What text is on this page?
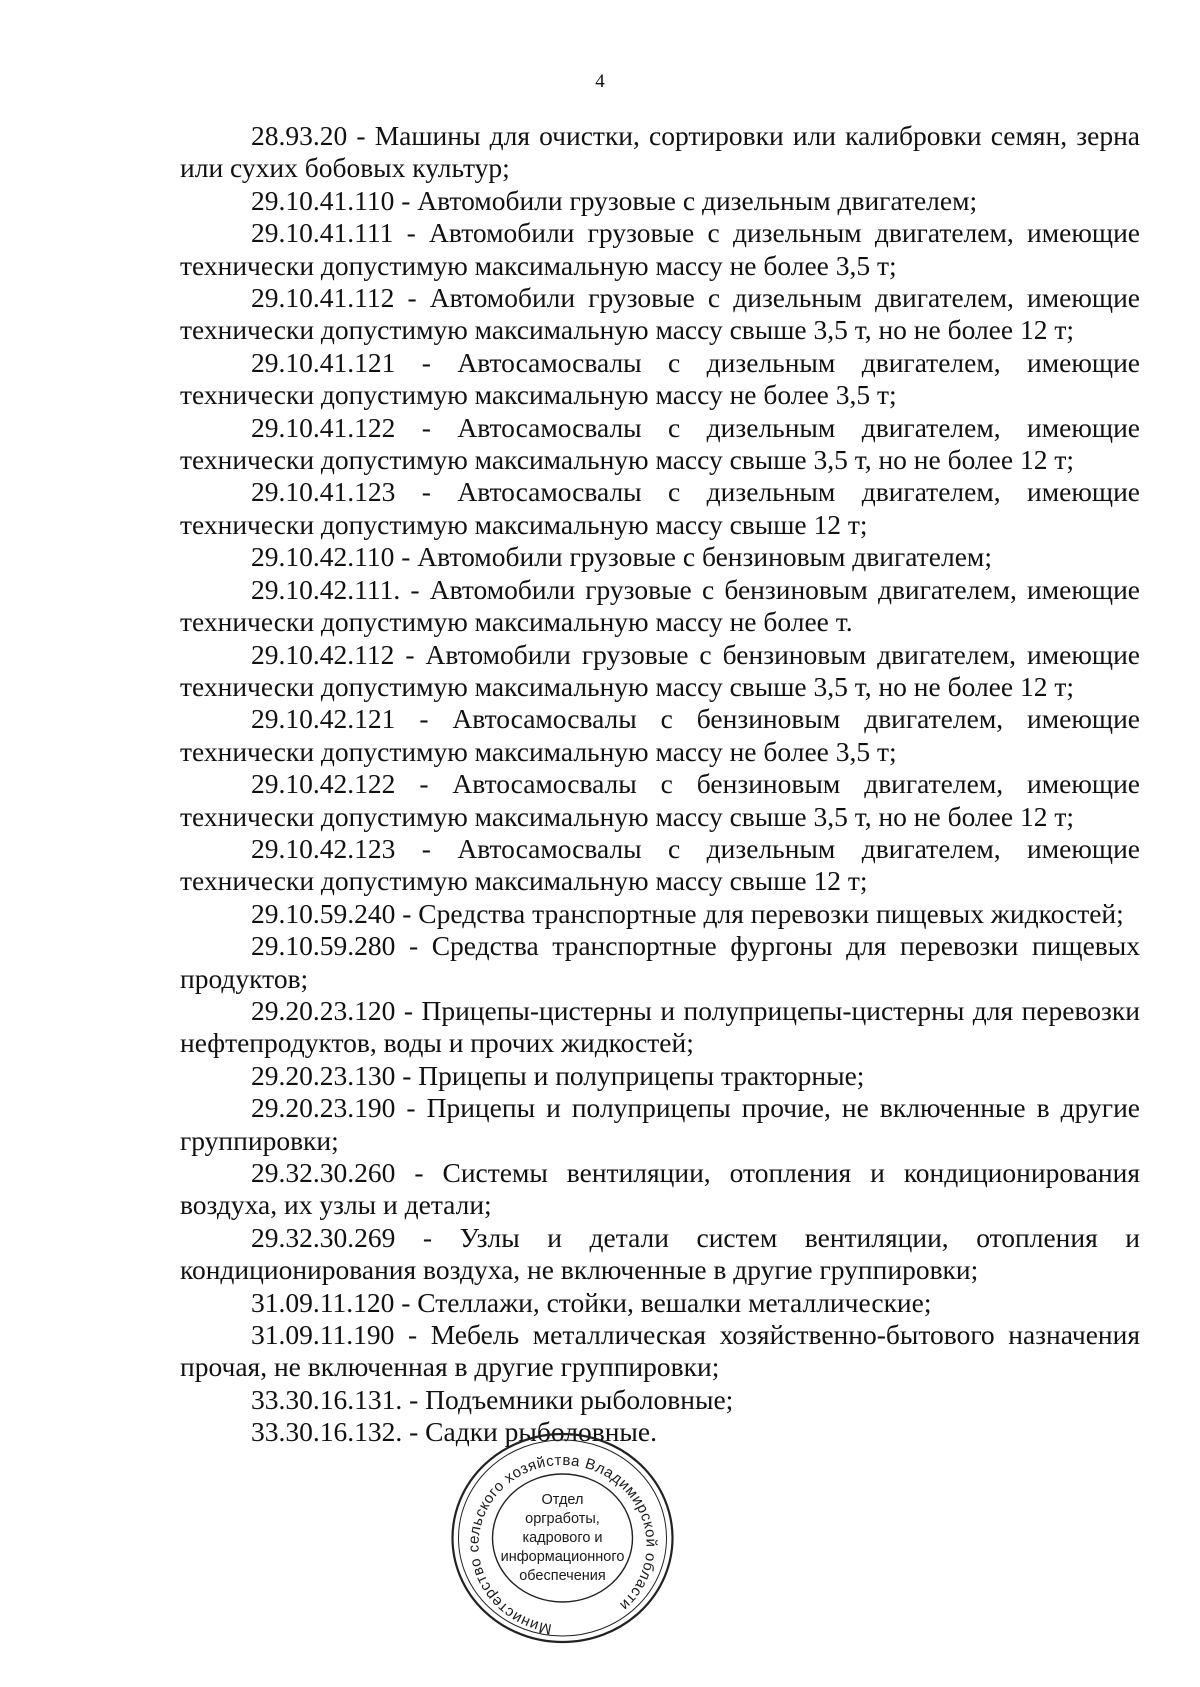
4

28.93.20 - Машины для очистки, сортировки или калибровки семян, зерна или сухих бобовых культур;

29.10.41.110 - Автомобили грузовые с дизельным двигателем;

29.10.41.111 - Автомобили грузовые с дизельным двигателем, имеющие технически допустимую максимальную массу не более 3,5 т;

29.10.41.112 - Автомобили грузовые с дизельным двигателем, имеющие технически допустимую максимальную массу свыше 3,5 т, но не более 12 т;

29.10.41.121 - Автосамосвалы с дизельным двигателем, имеющие технически допустимую максимальную массу не более 3,5 т;

29.10.41.122 - Автосамосвалы с дизельным двигателем, имеющие технически допустимую максимальную массу свыше 3,5 т, но не более 12 т;

29.10.41.123 - Автосамосвалы с дизельным двигателем, имеющие технически допустимую максимальную массу свыше 12 т;

29.10.42.110 - Автомобили грузовые с бензиновым двигателем;

29.10.42.111. - Автомобили грузовые с бензиновым двигателем, имеющие технически допустимую максимальную массу не более т.

29.10.42.112 - Автомобили грузовые с бензиновым двигателем, имеющие технически допустимую максимальную массу свыше 3,5 т, но не более 12 т;

29.10.42.121 - Автосамосвалы с бензиновым двигателем, имеющие технически допустимую максимальную массу не более 3,5 т;

29.10.42.122 - Автосамосвалы с бензиновым двигателем, имеющие технически допустимую максимальную массу свыше 3,5 т, но не более 12 т;

29.10.42.123 - Автосамосвалы с дизельным двигателем, имеющие технически допустимую максимальную массу свыше 12 т;

29.10.59.240 - Средства транспортные для перевозки пищевых жидкостей;

29.10.59.280 - Средства транспортные фургоны для перевозки пищевых продуктов;

29.20.23.120 - Прицепы-цистерны и полуприцепы-цистерны для перевозки нефтепродуктов, воды и прочих жидкостей;

29.20.23.130 - Прицепы и полуприцепы тракторные;

29.20.23.190 - Прицепы и полуприцепы прочие, не включенные в другие группировки;

29.32.30.260 - Системы вентиляции, отопления и кондиционирования воздуха, их узлы и детали;

29.32.30.269 - Узлы и детали систем вентиляции, отопления и кондиционирования воздуха, не включенные в другие группировки;

31.09.11.120 - Стеллажи, стойки, вешалки металлические;

31.09.11.190 - Мебель металлическая хозяйственно-бытового назначения прочая, не включенная в другие группировки;

33.30.16.131. - Подъемники рыболовные;

33.30.16.132. - Садки рыболовные.

Министерство сельского хозяйства Владимирской области
Отдел
оргработы,
кадрового и
информационного
обеспечения
